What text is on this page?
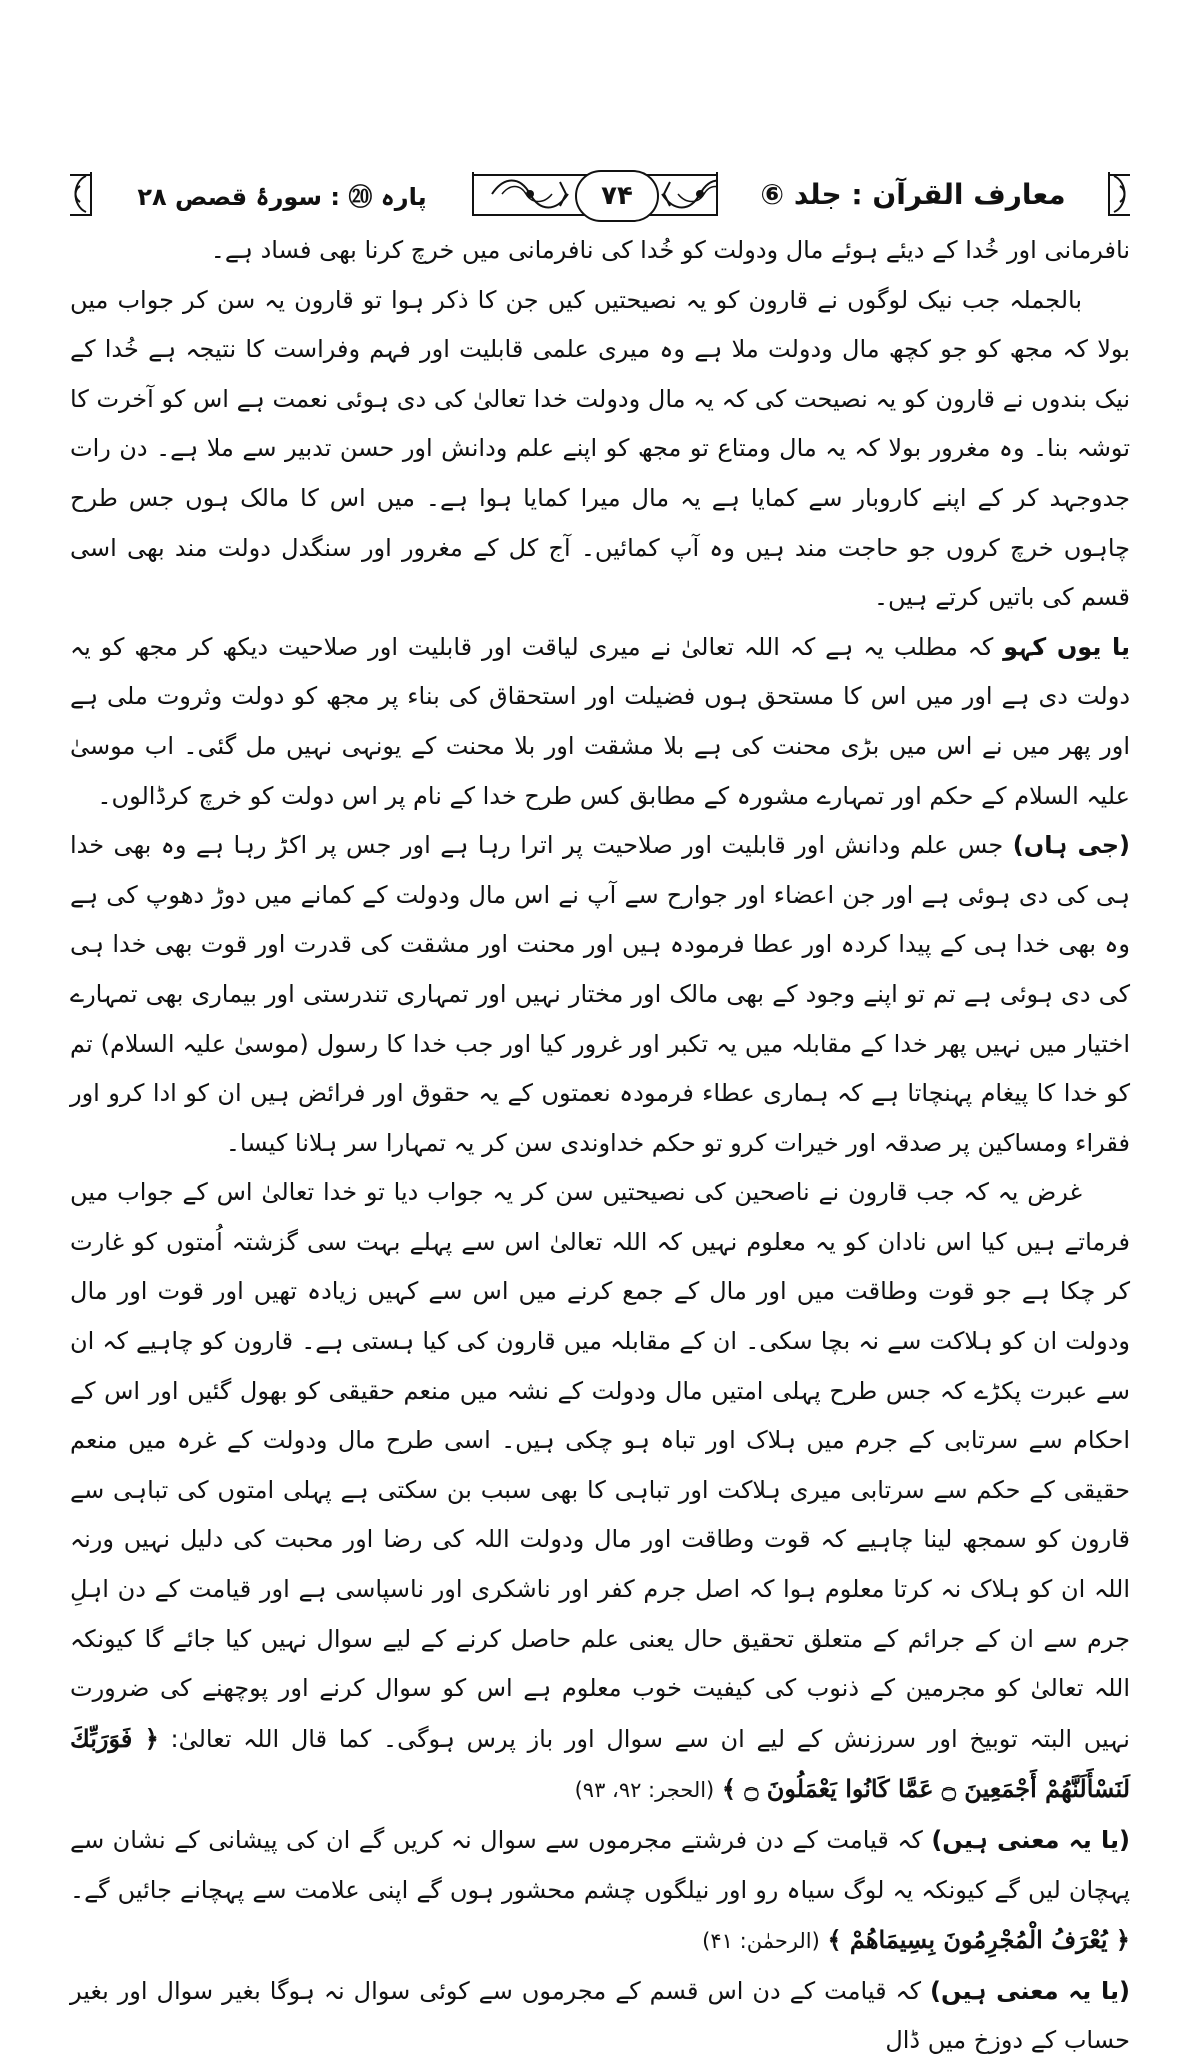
پارہ ⑳ : سورۂ قصص ۲۸	۷۴	معارف القرآن : جلد ⑥

نافرمانی اور خُدا کے دیئے ہوئے مال ودولت کو خُدا کی نافرمانی میں خرچ کرنا بھی فساد ہے۔

بالجملہ جب نیک لوگوں نے قارون کو یہ نصیحتیں کیں جن کا ذکر ہوا تو قارون یہ سن کر جواب میں بولا کہ مجھ کو جو کچھ مال ودولت ملا ہے وہ میری علمی قابلیت اور فہم وفراست کا نتیجہ ہے خُدا کے نیک بندوں نے قارون کو یہ نصیحت کی کہ یہ مال ودولت خدا تعالیٰ کی دی ہوئی نعمت ہے اس کو آخرت کا توشہ بنا۔ وہ مغرور بولا کہ یہ مال ومتاع تو مجھ کو اپنے علم ودانش اور حسن تدبیر سے ملا ہے۔ دن رات جدوجہد کر کے اپنے کاروبار سے کمایا ہے یہ مال میرا کمایا ہوا ہے۔ میں اس کا مالک ہوں جس طرح چاہوں خرچ کروں جو حاجت مند ہیں وہ آپ کمائیں۔ آج کل کے مغرور اور سنگدل دولت مند بھی اسی قسم کی باتیں کرتے ہیں۔

یا یوں کہو کہ مطلب یہ ہے کہ اللہ تعالیٰ نے میری لیاقت اور قابلیت اور صلاحیت دیکھ کر مجھ کو یہ دولت دی ہے اور میں اس کا مستحق ہوں فضیلت اور استحقاق کی بناء پر مجھ کو دولت وثروت ملی ہے اور پھر میں نے اس میں بڑی محنت کی ہے بلا مشقت اور بلا محنت کے یونہی نہیں مل گئی۔ اب موسیٰ علیہ السلام کے حکم اور تمہارے مشورہ کے مطابق کس طرح خدا کے نام پر اس دولت کو خرچ کرڈالوں۔

(جی ہاں) جس علم ودانش اور قابلیت اور صلاحیت پر اترا رہا ہے اور جس پر اکڑ رہا ہے وہ بھی خدا ہی کی دی ہوئی ہے اور جن اعضاء اور جوارح سے آپ نے اس مال ودولت کے کمانے میں دوڑ دھوپ کی ہے وہ بھی خدا ہی کے پیدا کردہ اور عطا فرمودہ ہیں اور محنت اور مشقت کی قدرت اور قوت بھی خدا ہی کی دی ہوئی ہے تم تو اپنے وجود کے بھی مالک اور مختار نہیں اور تمہاری تندرستی اور بیماری بھی تمہارے اختیار میں نہیں پھر خدا کے مقابلہ میں یہ تکبر اور غرور کیا اور جب خدا کا رسول (موسیٰ علیہ السلام) تم کو خدا کا پیغام پہنچاتا ہے کہ ہماری عطاء فرمودہ نعمتوں کے یہ حقوق اور فرائض ہیں ان کو ادا کرو اور فقراء ومساکین پر صدقہ اور خیرات کرو تو حکم خداوندی سن کر یہ تمہارا سر ہلانا کیسا۔

غرض یہ کہ جب قارون نے ناصحین کی نصیحتیں سن کر یہ جواب دیا تو خدا تعالیٰ اس کے جواب میں فرماتے ہیں کیا اس نادان کو یہ معلوم نہیں کہ اللہ تعالیٰ اس سے پہلے بہت سی گزشتہ اُمتوں کو غارت کر چکا ہے جو قوت وطاقت میں اور مال کے جمع کرنے میں اس سے کہیں زیادہ تھیں اور قوت اور مال ودولت ان کو ہلاکت سے نہ بچا سکی۔ ان کے مقابلہ میں قارون کی کیا ہستی ہے۔ قارون کو چاہیے کہ ان سے عبرت پکڑے کہ جس طرح پہلی امتیں مال ودولت کے نشہ میں منعم حقیقی کو بھول گئیں اور اس کے احکام سے سرتابی کے جرم میں ہلاک اور تباہ ہو چکی ہیں۔ اسی طرح مال ودولت کے غرہ میں منعم حقیقی کے حکم سے سرتابی میری ہلاکت اور تباہی کا بھی سبب بن سکتی ہے پہلی امتوں کی تباہی سے قارون کو سمجھ لینا چاہیے کہ قوت وطاقت اور مال ودولت اللہ کی رضا اور محبت کی دلیل نہیں ورنہ اللہ ان کو ہلاک نہ کرتا معلوم ہوا کہ اصل جرم کفر اور ناشکری اور ناسپاسی ہے اور قیامت کے دن اہلِ جرم سے ان کے جرائم کے متعلق تحقیق حال یعنی علم حاصل کرنے کے لیے سوال نہیں کیا جائے گا کیونکہ اللہ تعالیٰ کو مجرمین کے ذنوب کی کیفیت خوب معلوم ہے اس کو سوال کرنے اور پوچھنے کی ضرورت نہیں البتہ توبیخ اور سرزنش کے لیے ان سے سوال اور باز پرس ہوگی۔ کما قال اللہ تعالیٰ: ﴿ فَوَرَبِّكَ لَنَسْأَلَنَّهُمْ أَجْمَعِينَ ۝ عَمَّا كَانُوا يَعْمَلُونَ ۝ ﴾ (الحجر: ۹۲، ۹۳)

(یا یہ معنی ہیں) کہ قیامت کے دن فرشتے مجرموں سے سوال نہ کریں گے ان کی پیشانی کے نشان سے پہچان لیں گے کیونکہ یہ لوگ سیاہ رو اور نیلگوں چشم محشور ہوں گے اپنی علامت سے پہچانے جائیں گے۔ ﴿ يُعْرَفُ الْمُجْرِمُونَ بِسِيمَاهُمْ ﴾ (الرحمٰن: ۴۱)

(یا یہ معنی ہیں) کہ قیامت کے دن اس قسم کے مجرموں سے کوئی سوال نہ ہوگا بغیر سوال اور بغیر حساب کے دوزخ میں ڈال
